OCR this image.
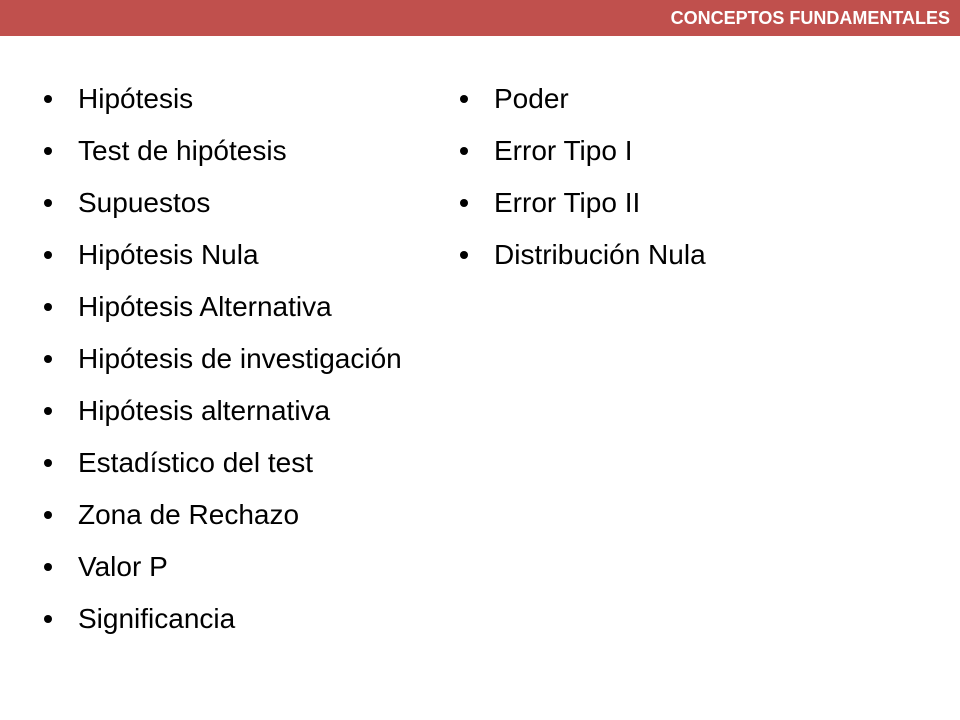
CONCEPTOS FUNDAMENTALES
Hipótesis
Test de hipótesis
Supuestos
Hipótesis Nula
Hipótesis Alternativa
Hipótesis de investigación
Hipótesis alternativa
Estadístico del test
Zona de Rechazo
Valor P
Significancia
Poder
Error Tipo I
Error Tipo II
Distribución Nula
